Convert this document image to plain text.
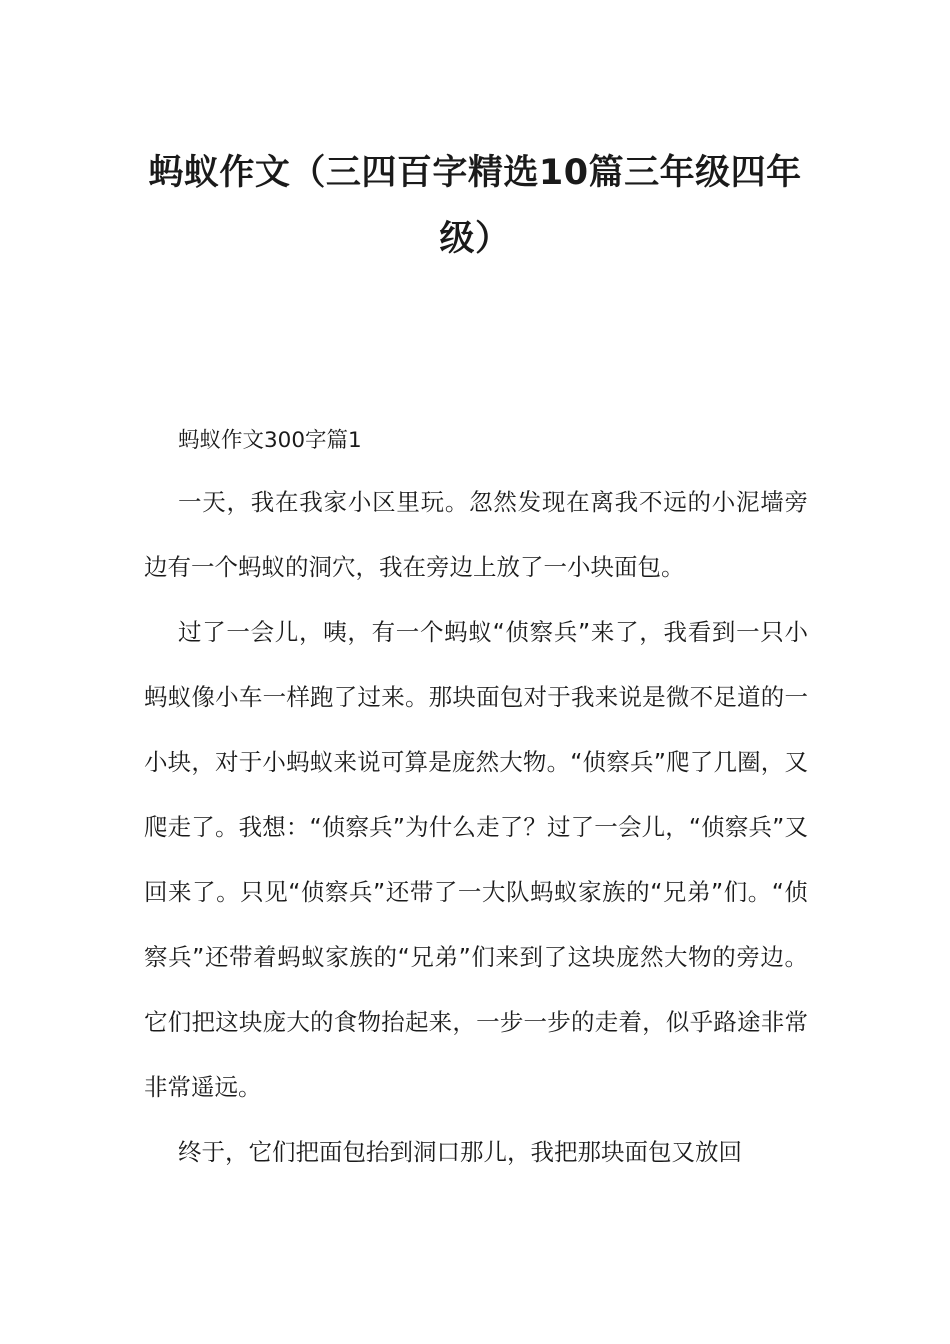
蚂蚁作文（三四百字精选10篇三年级四年级）

蚂蚁作文300字篇1

一天，我在我家小区里玩。忽然发现在离我不远的小泥墙旁边有一个蚂蚁的洞穴，我在旁边上放了一小块面包。

过了一会儿，咦，有一个蚂蚁“侦察兵”来了，我看到一只小蚂蚁像小车一样跑了过来。那块面包对于我来说是微不足道的一小块，对于小蚂蚁来说可算是庞然大物。“侦察兵”爬了几圈，又爬走了。我想：“侦察兵”为什么走了？过了一会儿，“侦察兵”又回来了。只见“侦察兵”还带了一大队蚂蚁家族的“兄弟”们。“侦察兵”还带着蚂蚁家族的“兄弟”们来到了这块庞然大物的旁边。它们把这块庞大的食物抬起来，一步一步的走着，似乎路途非常非常遥远。

终于，它们把面包抬到洞口那儿，我把那块面包又放回
